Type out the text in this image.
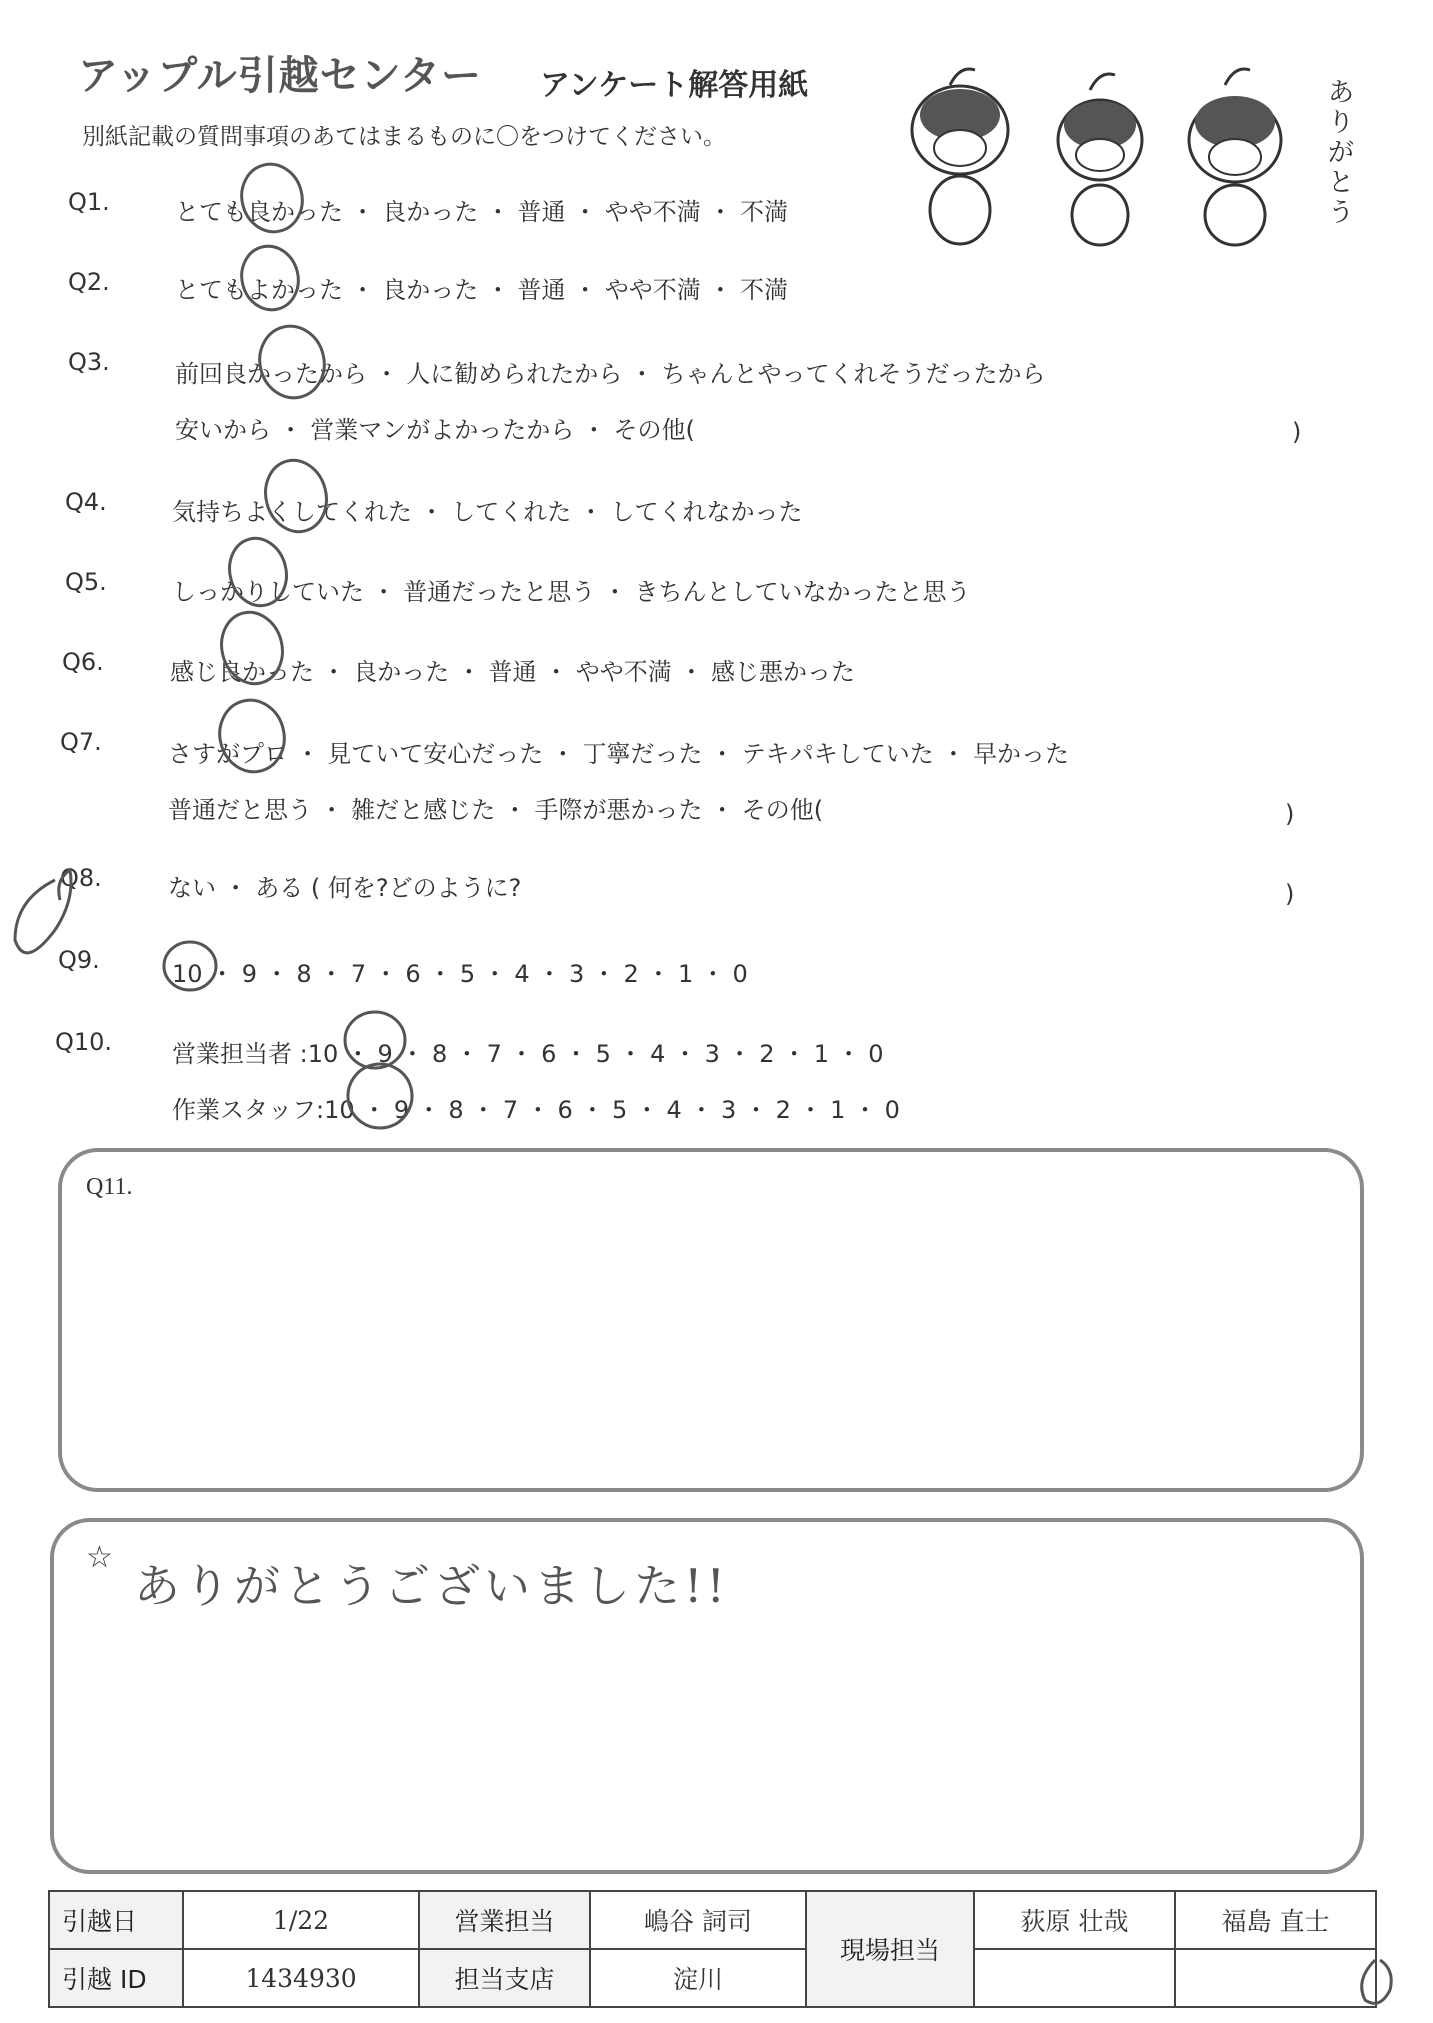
アップル引越センター アンケート解答用紙
別紙記載の質問事項のあてはまるものに〇をつけてください。
ありがとう
Q1.	とても良かった ・ 良かった ・ 普通 ・ やや不満 ・ 不満
Q2.	とてもよかった ・ 良かった ・ 普通 ・ やや不満 ・ 不満
Q3.	前回良かったから ・ 人に勧められたから ・ ちゃんとやってくれそうだったから
安いから ・ 営業マンがよかったから ・ その他(	)
Q4.	気持ちよくしてくれた ・ してくれた ・ してくれなかった
Q5.	しっかりしていた ・ 普通だったと思う ・ きちんとしていなかったと思う
Q6.	感じ良かった ・ 良かった ・ 普通 ・ やや不満 ・ 感じ悪かった
Q7.	さすがプロ ・ 見ていて安心だった ・ 丁寧だった ・ テキパキしていた ・ 早かった
普通だと思う ・ 雑だと感じた ・ 手際が悪かった ・ その他(	)
Q8.	ない ・ ある ( 何を?どのように?	)
Q9.	10 ・ 9 ・ 8 ・ 7 ・ 6 ・ 5 ・ 4 ・ 3 ・ 2 ・ 1 ・ 0
Q10. 営業担当者 :10 ・ 9 ・ 8 ・ 7 ・ 6 ・ 5 ・ 4 ・ 3 ・ 2 ・ 1 ・ 0
作業スタッフ:10 ・ 9 ・ 8 ・ 7 ・ 6 ・ 5 ・ 4 ・ 3 ・ 2 ・ 1 ・ 0
Q11.
☆
ありがとうございました!!
引越日	1/22	営業担当	嶋谷 詞司	現場担当	荻原 壮哉	福島 直士
引越 ID	1434930	担当支店	淀川			
